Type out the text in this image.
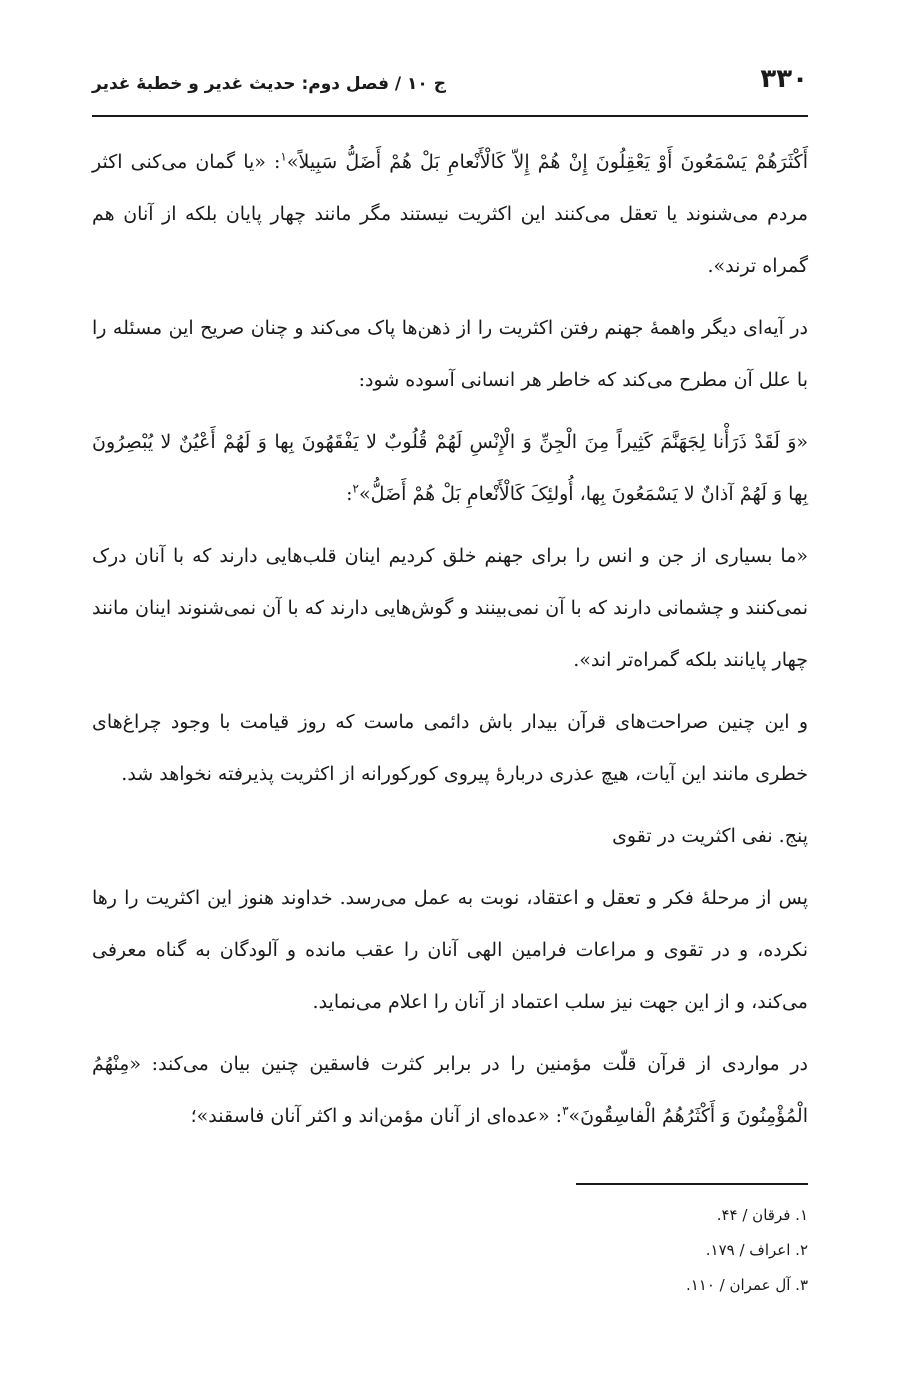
۳۳۰
ج ۱۰ / فصل دوم: حدیث غدیر و خطبهٔ غدیر

أَکْثَرَهُمْ یَسْمَعُونَ أَوْ یَعْقِلُونَ إِنْ هُمْ إِلاّ کَالْأَنْعامِ بَلْ هُمْ أَضَلُّ سَبِیلاً»$^۱$: «یا گمان می‌کنی اکثر مردم می‌شنوند یا تعقل می‌کنند این اکثریت نیستند مگر مانند چهار پایان بلکه از آنان هم گمراه ترند».

در آیه‌ای دیگر واهمهٔ جهنم رفتن اکثریت را از ذهن‌ها پاک می‌کند و چنان صریح این مسئله را با علل آن مطرح می‌کند که خاطر هر انسانی آسوده شود:

«وَ لَقَدْ ذَرَأْنا لِجَهَنَّمَ کَثِیراً مِنَ الْجِنِّ وَ الْإِنْسِ لَهُمْ قُلُوبٌ لا یَفْقَهُونَ بِها وَ لَهُمْ أَعْیُنٌ لا یُبْصِرُونَ بِها وَ لَهُمْ آذانٌ لا یَسْمَعُونَ بِها، أُولئِکَ کَالْأَنْعامِ بَلْ هُمْ أَضَلُّ»$^۲$:

«ما بسیاری از جن و انس را برای جهنم خلق کردیم اینان قلب‌هایی دارند که با آنان درک نمی‌کنند و چشمانی دارند که با آن نمی‌بینند و گوش‌هایی دارند که با آن نمی‌شنوند اینان مانند چهار پایانند بلکه گمراه‌تر اند».

و این چنین صراحت‌های قرآن بیدار باش دائمی ماست که روز قیامت با وجود چراغ‌های خطری مانند این آیات، هیچ عذری دربارهٔ پیروی کورکورانه از اکثریت پذیرفته نخواهد شد.

پنج. نفی اکثریت در تقوی

پس از مرحلهٔ فکر و تعقل و اعتقاد، نوبت به عمل می‌رسد. خداوند هنوز این اکثریت را رها نکرده، و در تقوی و مراعات فرامین الهی آنان را عقب مانده و آلودگان به گناه معرفی می‌کند، و از این جهت نیز سلب اعتماد از آنان را اعلام می‌نماید.

در مواردی از قرآن قلّت مؤمنین را در برابر کثرت فاسقین چنین بیان می‌کند: «مِنْهُمُ الْمُؤْمِنُونَ وَ أَکْثَرُهُمُ الْفاسِقُونَ»$^۳$: «عده‌ای از آنان مؤمن‌اند و اکثر آنان فاسقند»؛

۱. فرقان / ۴۴.
۲. اعراف / ۱۷۹.
۳. آل عمران / ۱۱۰.
